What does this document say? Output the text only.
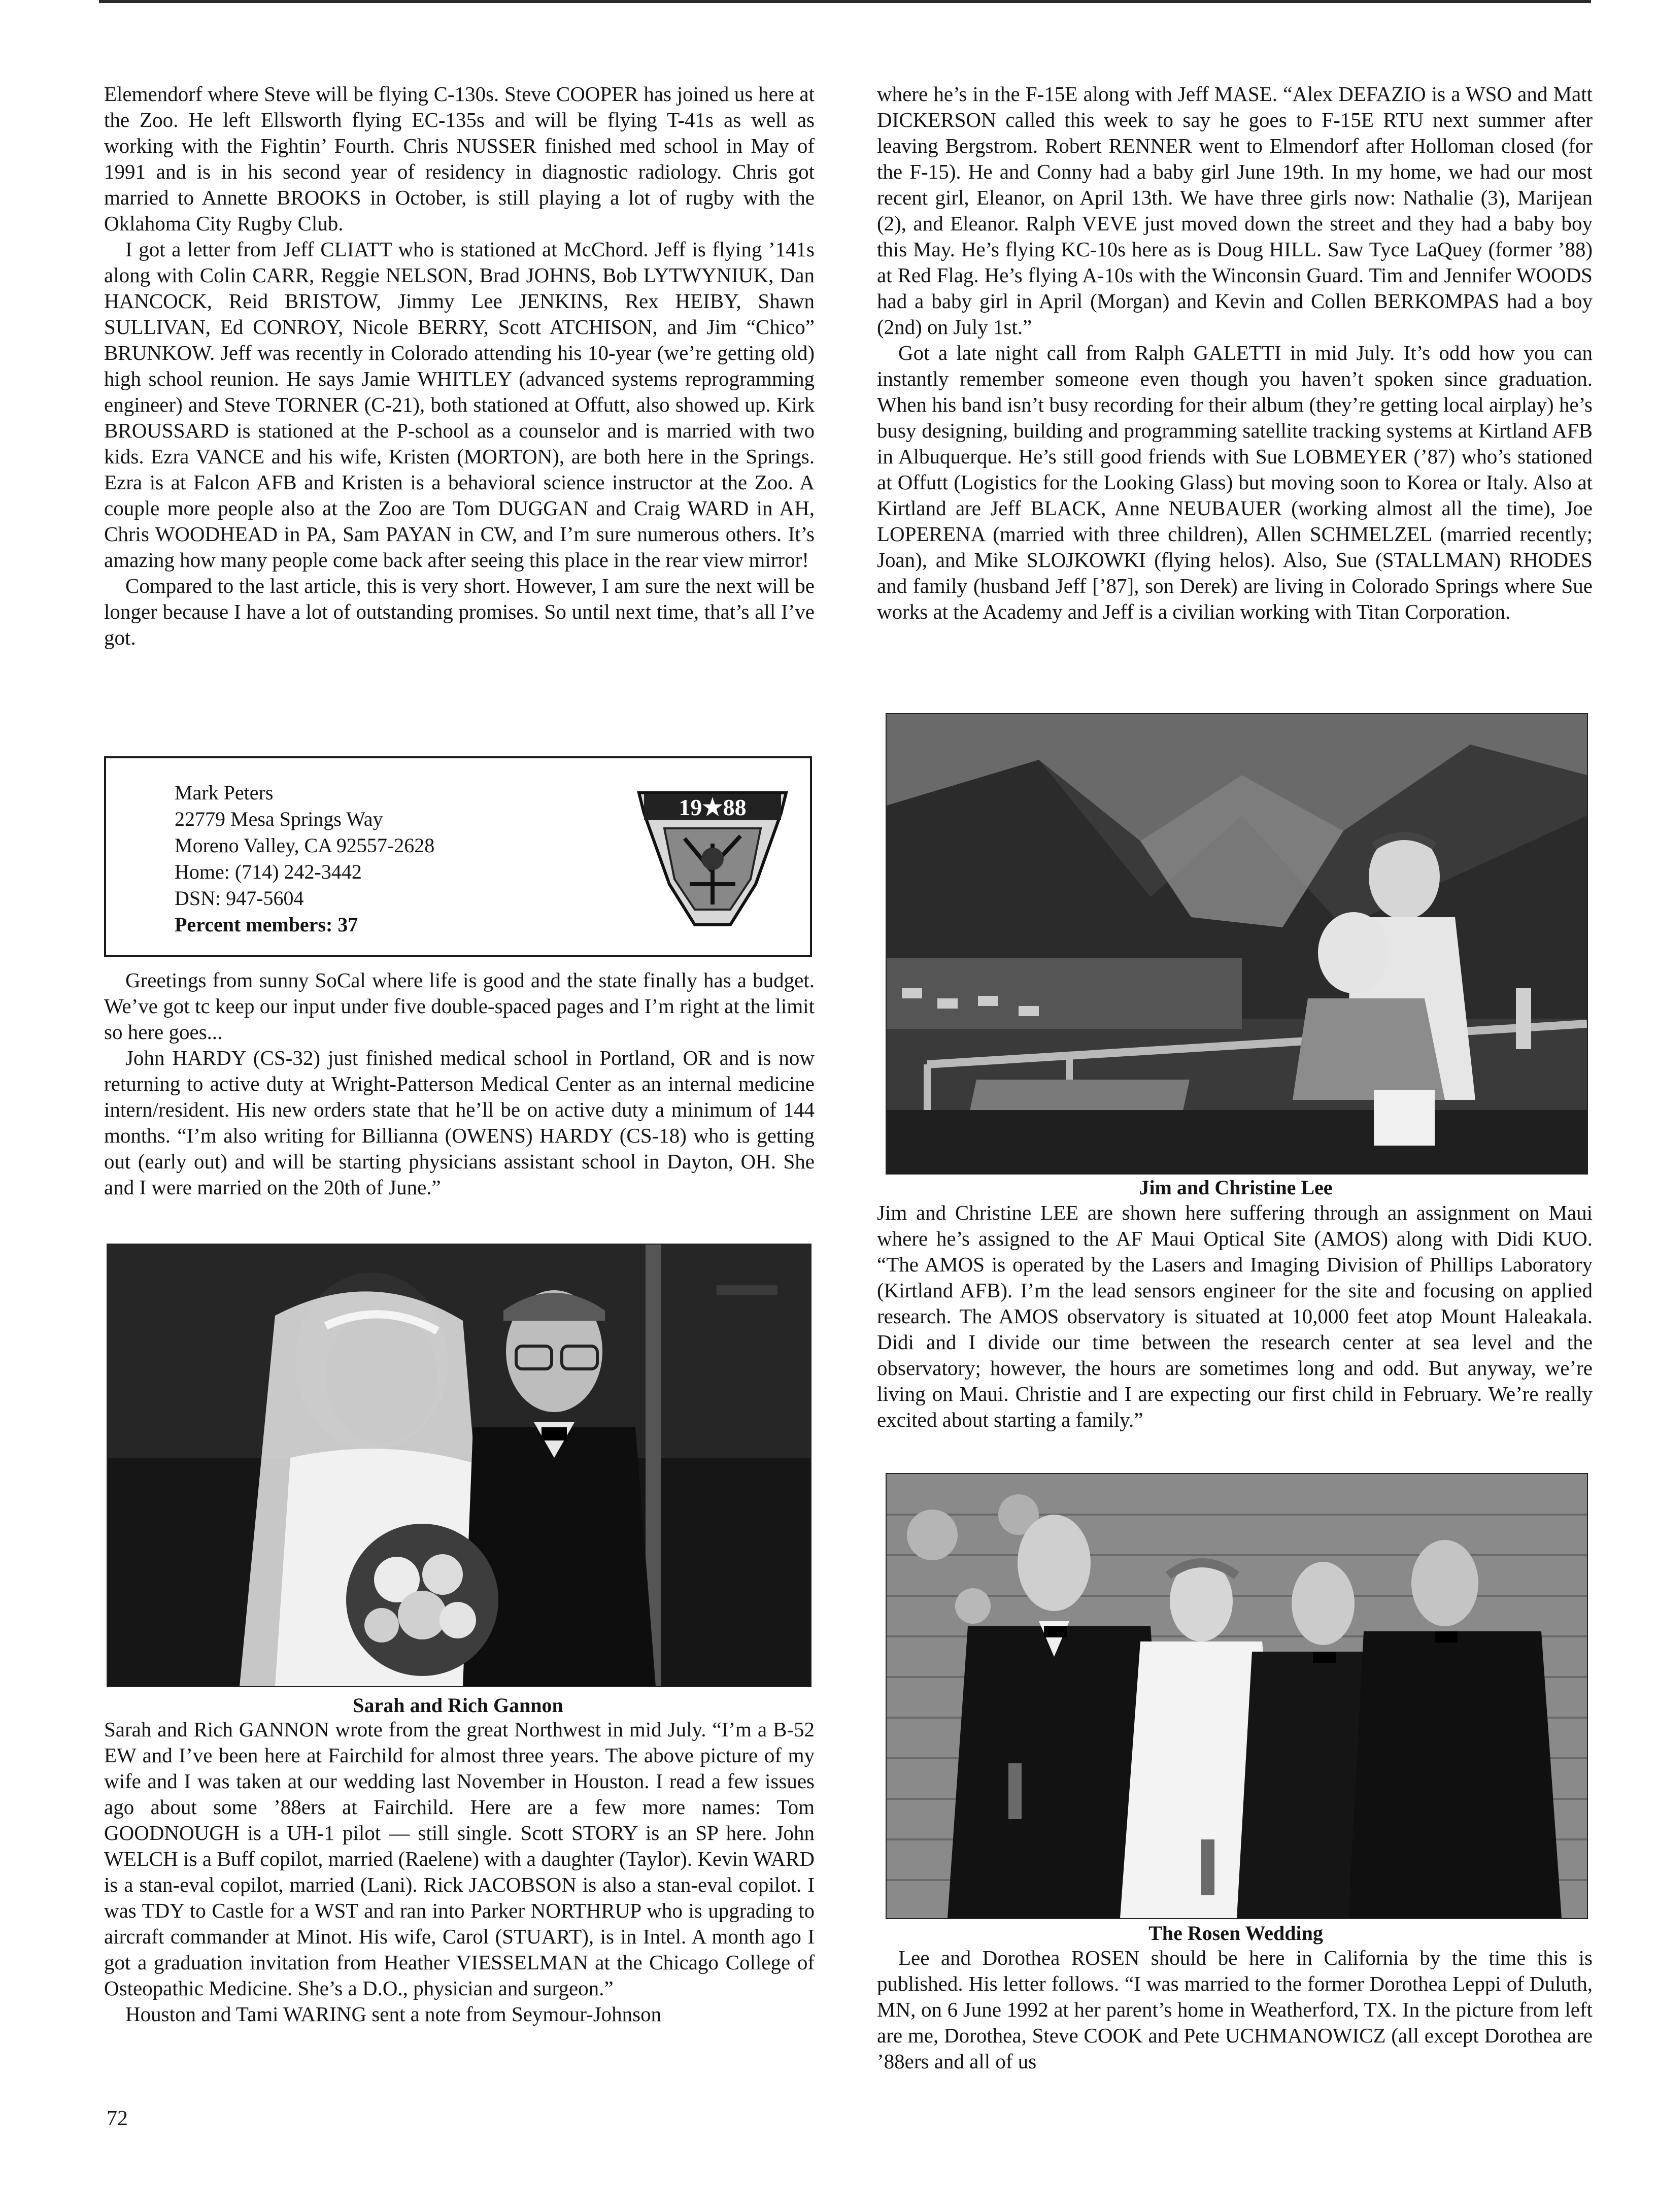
Elemendorf where Steve will be flying C-130s. Steve COOPER has joined us here at the Zoo. He left Ellsworth flying EC-135s and will be flying T-41s as well as working with the Fightin’ Fourth. Chris NUSSER finished med school in May of 1991 and is in his second year of residency in diagnostic radiology. Chris got married to Annette BROOKS in October, is still playing a lot of rugby with the Oklahoma City Rugby Club.

I got a letter from Jeff CLIATT who is stationed at McChord. Jeff is flying ’141s along with Colin CARR, Reggie NELSON, Brad JOHNS, Bob LYTWYNIUK, Dan HANCOCK, Reid BRISTOW, Jimmy Lee JENKINS, Rex HEIBY, Shawn SULLIVAN, Ed CONROY, Nicole BERRY, Scott ATCHISON, and Jim “Chico” BRUNKOW. Jeff was recently in Colorado attending his 10-year (we’re getting old) high school reunion. He says Jamie WHITLEY (advanced systems reprogramming engineer) and Steve TORNER (C-21), both stationed at Offutt, also showed up. Kirk BROUSSARD is stationed at the P-school as a counselor and is married with two kids. Ezra VANCE and his wife, Kristen (MORTON), are both here in the Springs. Ezra is at Falcon AFB and Kristen is a behavioral science instructor at the Zoo. A couple more people also at the Zoo are Tom DUGGAN and Craig WARD in AH, Chris WOODHEAD in PA, Sam PAYAN in CW, and I’m sure numerous others. It’s amazing how many people come back after seeing this place in the rear view mirror!

Compared to the last article, this is very short. However, I am sure the next will be longer because I have a lot of outstanding promises. So until next time, that’s all I’ve got.

Mark Peters
22779 Mesa Springs Way
Moreno Valley, CA 92557-2628
Home: (714) 242-3442
DSN: 947-5604
Percent members: 37
19★88

Greetings from sunny SoCal where life is good and the state finally has a budget. We’ve got tc keep our input under five double-spaced pages and I’m right at the limit so here goes...

John HARDY (CS-32) just finished medical school in Portland, OR and is now returning to active duty at Wright-Patterson Medical Center as an internal medicine intern/resident. His new orders state that he’ll be on active duty a minimum of 144 months. “I’m also writing for Billianna (OWENS) HARDY (CS-18) who is getting out (early out) and will be starting physicians assistant school in Dayton, OH. She and I were married on the 20th of June.”

Sarah and Rich Gannon

Sarah and Rich GANNON wrote from the great Northwest in mid July. “I’m a B-52 EW and I’ve been here at Fairchild for almost three years. The above picture of my wife and I was taken at our wedding last November in Houston. I read a few issues ago about some ’88ers at Fairchild. Here are a few more names: Tom GOODNOUGH is a UH-1 pilot — still single. Scott STORY is an SP here. John WELCH is a Buff copilot, married (Raelene) with a daughter (Taylor). Kevin WARD is a stan-eval copilot, married (Lani). Rick JACOBSON is also a stan-eval copilot. I was TDY to Castle for a WST and ran into Parker NORTHRUP who is upgrading to aircraft commander at Minot. His wife, Carol (STUART), is in Intel. A month ago I got a graduation invitation from Heather VIESSELMAN at the Chicago College of Osteopathic Medicine. She’s a D.O., physician and surgeon.”

Houston and Tami WARING sent a note from Seymour-Johnson

where he’s in the F-15E along with Jeff MASE. “Alex DEFAZIO is a WSO and Matt DICKERSON called this week to say he goes to F-15E RTU next summer after leaving Bergstrom. Robert RENNER went to Elmendorf after Holloman closed (for the F-15). He and Conny had a baby girl June 19th. In my home, we had our most recent girl, Eleanor, on April 13th. We have three girls now: Nathalie (3), Marijean (2), and Eleanor. Ralph VEVE just moved down the street and they had a baby boy this May. He’s flying KC-10s here as is Doug HILL. Saw Tyce LaQuey (former ’88) at Red Flag. He’s flying A-10s with the Winconsin Guard. Tim and Jennifer WOODS had a baby girl in April (Morgan) and Kevin and Collen BERKOMPAS had a boy (2nd) on July 1st.”

Got a late night call from Ralph GALETTI in mid July. It’s odd how you can instantly remember someone even though you haven’t spoken since graduation. When his band isn’t busy recording for their album (they’re getting local airplay) he’s busy designing, building and programming satellite tracking systems at Kirtland AFB in Albuquerque. He’s still good friends with Sue LOBMEYER (’87) who’s stationed at Offutt (Logistics for the Looking Glass) but moving soon to Korea or Italy. Also at Kirtland are Jeff BLACK, Anne NEUBAUER (working almost all the time), Joe LOPERENA (married with three children), Allen SCHMELZEL (married recently; Joan), and Mike SLOJKOWKI (flying helos). Also, Sue (STALLMAN) RHODES and family (husband Jeff [’87], son Derek) are living in Colorado Springs where Sue works at the Academy and Jeff is a civilian working with Titan Corporation.

Jim and Christine Lee

Jim and Christine LEE are shown here suffering through an assignment on Maui where he’s assigned to the AF Maui Optical Site (AMOS) along with Didi KUO. “The AMOS is operated by the Lasers and Imaging Division of Phillips Laboratory (Kirtland AFB). I’m the lead sensors engineer for the site and focusing on applied research. The AMOS observatory is situated at 10,000 feet atop Mount Haleakala. Didi and I divide our time between the research center at sea level and the observatory; however, the hours are sometimes long and odd. But anyway, we’re living on Maui. Christie and I are expecting our first child in February. We’re really excited about starting a family.”

The Rosen Wedding

Lee and Dorothea ROSEN should be here in California by the time this is published. His letter follows. “I was married to the former Dorothea Leppi of Duluth, MN, on 6 June 1992 at her parent’s home in Weatherford, TX. In the picture from left are me, Dorothea, Steve COOK and Pete UCHMANOWICZ (all except Dorothea are ’88ers and all of us

72
